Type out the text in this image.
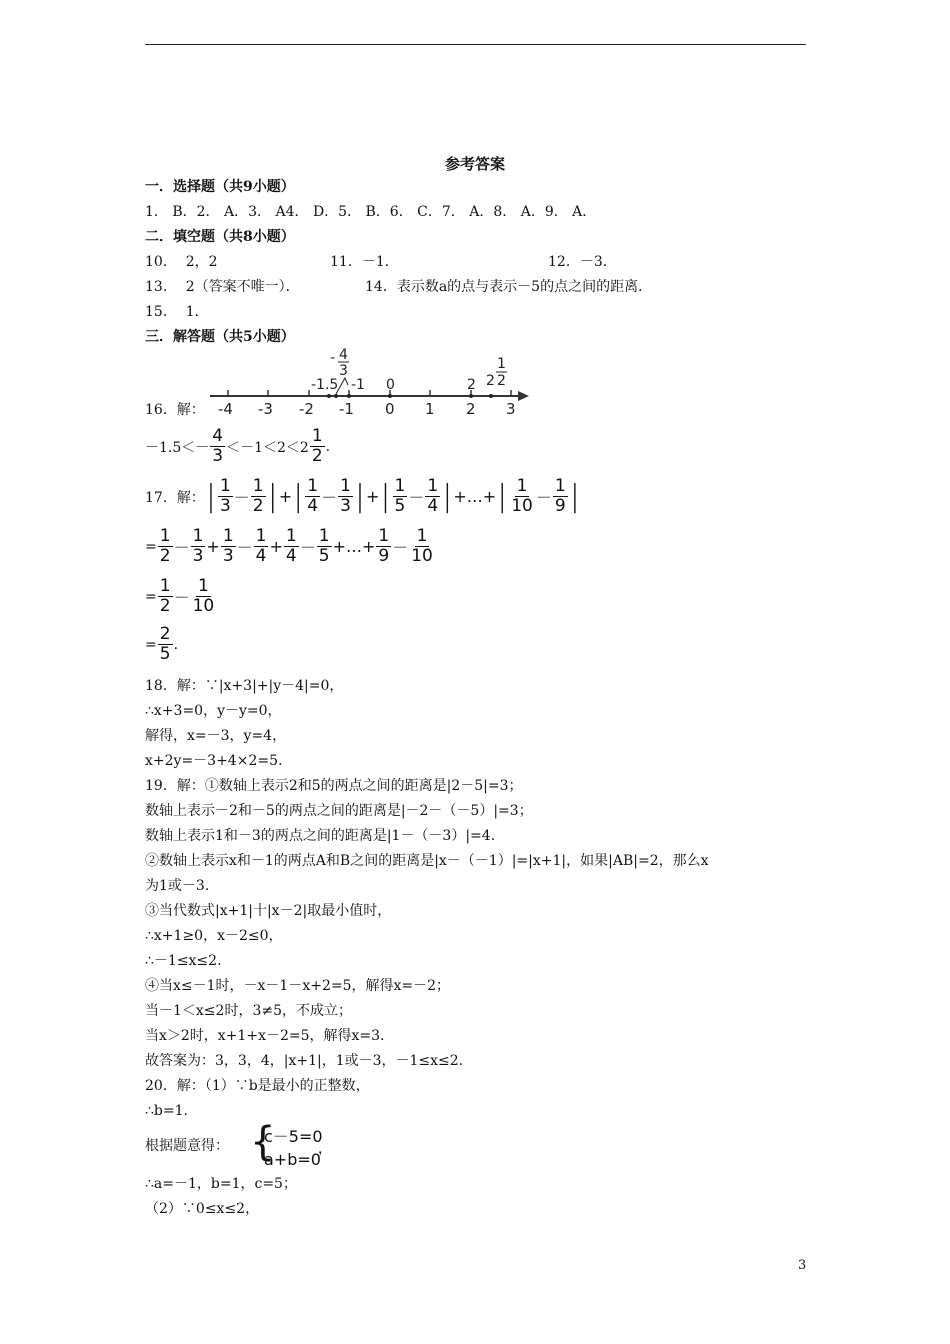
参考答案
一．选择题（共9小题）
1． B．2． A．3． A4． D．5． B．6． C．7． A．8． A．9． A．
二．填空题（共8小题）
10．  2，2	11．－1．	12．－3．
13．  2（答案不唯一）．	14．表示数a的点与表示－5的点之间的距离．
15．  1．
三．解答题（共5小题）
16．解： -4 -3 -2 -1 0 1 2 3
-1.5
- 4
3
-1 0	2 2
1
2
－1.5＜－
4
3 ＜－1＜2＜2
1
2 .
17．解： | 1
3 －
1
2 | + | 1
4 －
1
3 | + | 1
5 －
1
4 | +…+ | 1
10 －
1
9 |
= $\frac{1}{2}$ －
1
$3 + \frac{1}{3}$ －
1
$4 + \frac{1}{4}$ －
1
5 +…+ $\frac{1}{9}$ －
1
10
= $\frac{1}{2}$ －
1
10
= $\frac{2}{5}$ .
18．解：∵|x+3|+|y－4|=0，
∴x+3=0，y－y=0，
解得，x=－3，y=4，
x+2y=－3+4×2=5.
19．解：①数轴上表示2和5的两点之间的距离是|2－5|=3；
数轴上表示－2和－5的两点之间的距离是|－2－（－5）|=3；
数轴上表示1和－3的两点之间的距离是|1－（－3）|=4.
②数轴上表示x和－1的两点A和B之间的距离是|x－（－1）|=|x+1|，如果|AB|=2，那么x
为1或－3.
③当代数式|x+1|十|x－2|取最小值时，
∴x+1≥0，x－2≤0，
∴－1≤x≤2.
④当x≤－1时，－x－1－x+2=5，解得x=－2；
当－1＜x≤2时，3≠5，不成立；
当x＞2时，x+1+x－2=5，解得x=3.
故答案为：3，3，4，|x+1|，1或－3，－1≤x≤2.
20．解：（1）∵b是最小的正整数，
∴b=1.
根据题意得： {
c－5=0
a+b=0
，
∴a=－1，b=1，c=5；
（2）∵0≤x≤2，
3
